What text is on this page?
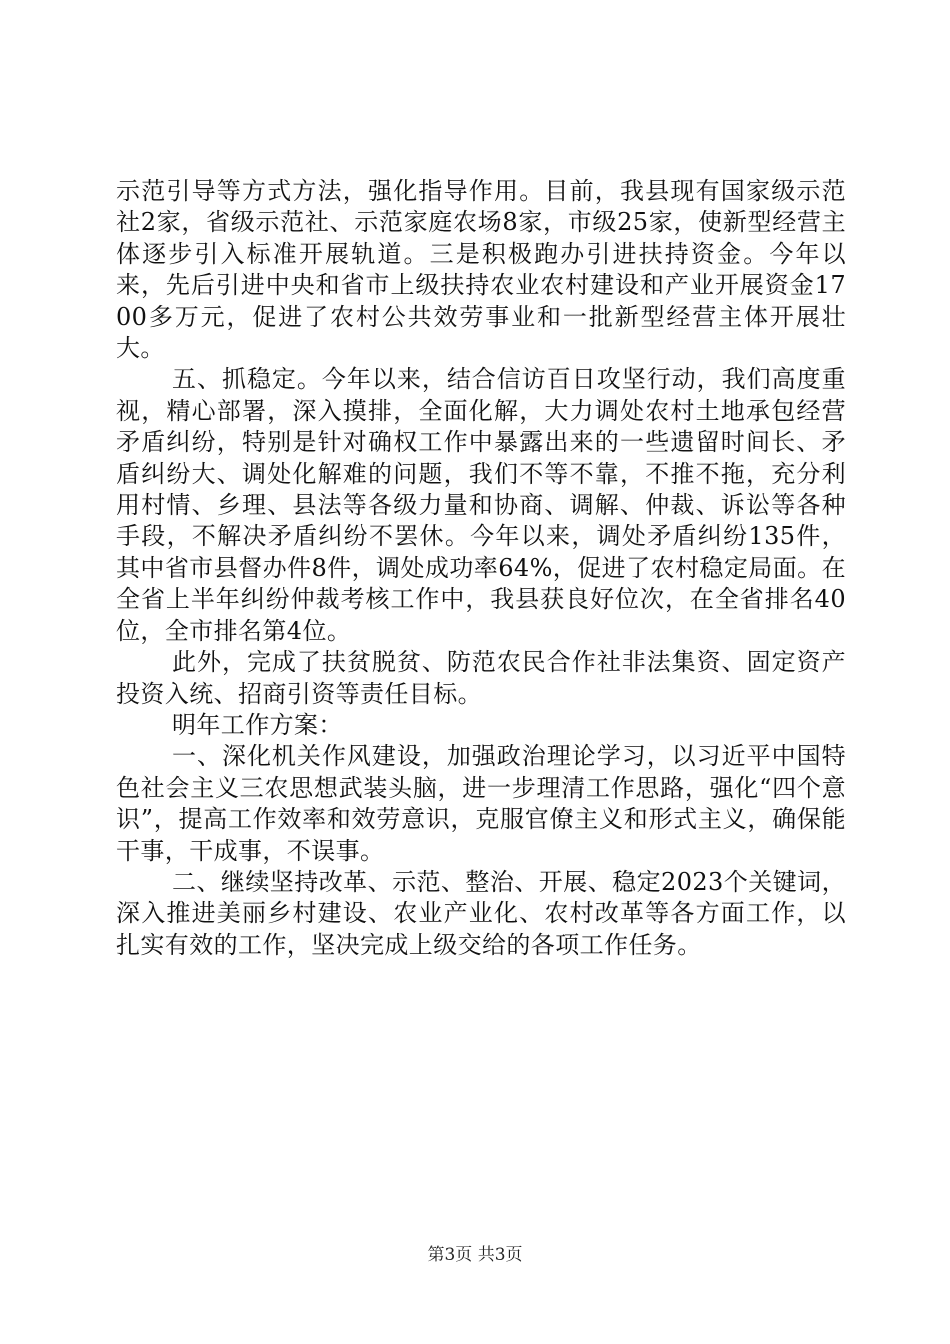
示范引导等方式方法，强化指导作用。目前，我县现有国家级示范社2家，省级示范社、示范家庭农场8家，市级25家，使新型经营主体逐步引入标准开展轨道。三是积极跑办引进扶持资金。今年以来，先后引进中央和省市上级扶持农业农村建设和产业开展资金1700多万元，促进了农村公共效劳事业和一批新型经营主体开展壮大。

五、抓稳定。今年以来，结合信访百日攻坚行动，我们高度重视，精心部署，深入摸排，全面化解，大力调处农村土地承包经营矛盾纠纷，特别是针对确权工作中暴露出来的一些遗留时间长、矛盾纠纷大、调处化解难的问题，我们不等不靠，不推不拖，充分利用村情、乡理、县法等各级力量和协商、调解、仲裁、诉讼等各种手段，不解决矛盾纠纷不罢休。今年以来，调处矛盾纠纷135件，其中省市县督办件8件，调处成功率64%，促进了农村稳定局面。在全省上半年纠纷仲裁考核工作中，我县获良好位次，在全省排名40位，全市排名第4位。

此外，完成了扶贫脱贫、防范农民合作社非法集资、固定资产投资入统、招商引资等责任目标。

明年工作方案：

一、深化机关作风建设，加强政治理论学习，以习近平中国特色社会主义三农思想武装头脑，进一步理清工作思路，强化“四个意识”，提高工作效率和效劳意识，克服官僚主义和形式主义，确保能干事，干成事，不误事。

二、继续坚持改革、示范、整治、开展、稳定2023个关键词，深入推进美丽乡村建设、农业产业化、农村改革等各方面工作，以扎实有效的工作，坚决完成上级交给的各项工作任务。

第3页 共3页
